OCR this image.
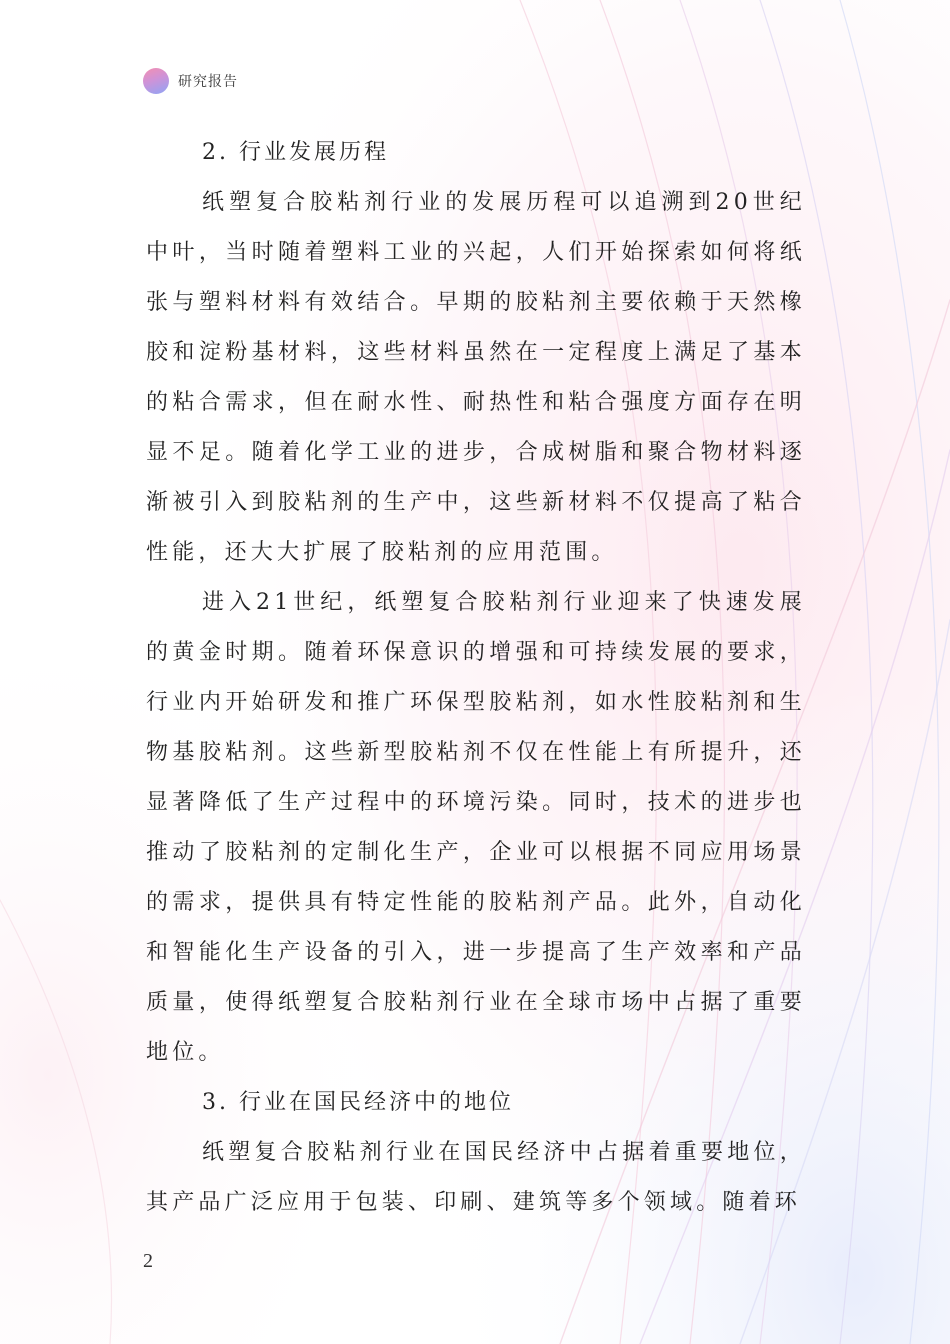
研究报告

2. 行业发展历程

纸塑复合胶粘剂行业的发展历程可以追溯到20世纪中叶，当时随着塑料工业的兴起，人们开始探索如何将纸张与塑料材料有效结合。早期的胶粘剂主要依赖于天然橡胶和淀粉基材料，这些材料虽然在一定程度上满足了基本的粘合需求，但在耐水性、耐热性和粘合强度方面存在明显不足。随着化学工业的进步，合成树脂和聚合物材料逐渐被引入到胶粘剂的生产中，这些新材料不仅提高了粘合性能，还大大扩展了胶粘剂的应用范围。

进入21世纪，纸塑复合胶粘剂行业迎来了快速发展的黄金时期。随着环保意识的增强和可持续发展的要求，行业内开始研发和推广环保型胶粘剂，如水性胶粘剂和生物基胶粘剂。这些新型胶粘剂不仅在性能上有所提升，还显著降低了生产过程中的环境污染。同时，技术的进步也推动了胶粘剂的定制化生产，企业可以根据不同应用场景的需求，提供具有特定性能的胶粘剂产品。此外，自动化和智能化生产设备的引入，进一步提高了生产效率和产品质量，使得纸塑复合胶粘剂行业在全球市场中占据了重要地位。

3. 行业在国民经济中的地位

纸塑复合胶粘剂行业在国民经济中占据着重要地位，其产品广泛应用于包装、印刷、建筑等多个领域。随着环

2
